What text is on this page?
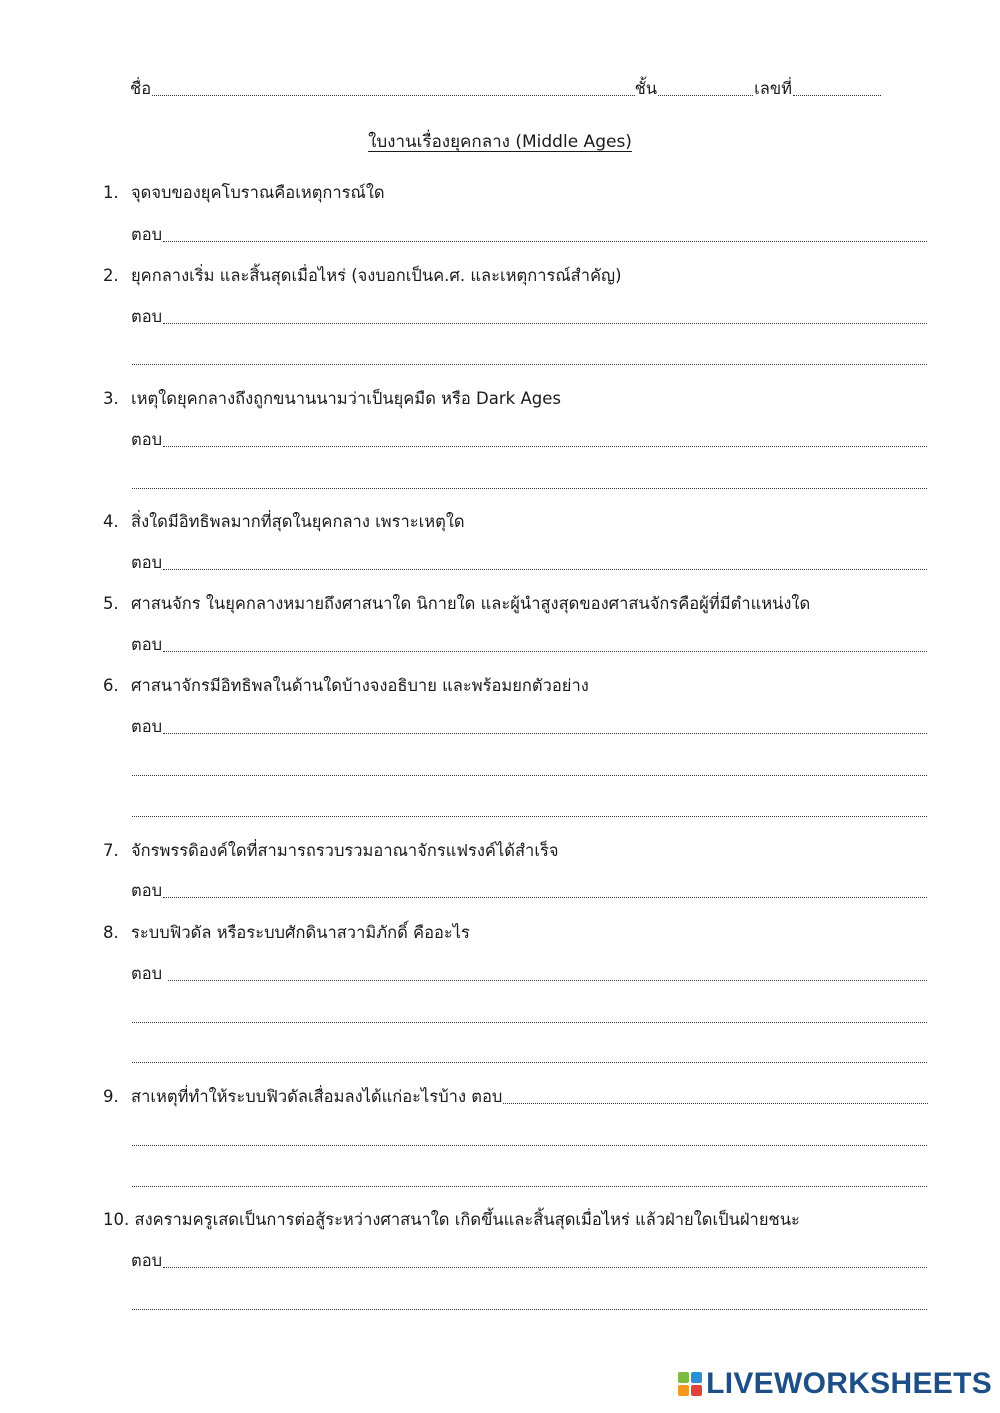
ชื่อ	ชั้น	เลขที่
ใบงานเรื่องยุคกลาง (Middle Ages)
1. จุดจบของยุคโบราณคือเหตุการณ์ใด
ตอบ
2. ยุคกลางเริ่ม และสิ้นสุดเมื่อไหร่ (จงบอกเป็นค.ศ. และเหตุการณ์สำคัญ)
ตอบ
3. เหตุใดยุคกลางถึงถูกขนานนามว่าเป็นยุคมืด หรือ Dark Ages
ตอบ
4. สิ่งใดมีอิทธิพลมากที่สุดในยุคกลาง เพราะเหตุใด
ตอบ
5. ศาสนจักร ในยุคกลางหมายถึงศาสนาใด นิกายใด และผู้นำสูงสุดของศาสนจักรคือผู้ที่มีตำแหน่งใด
ตอบ
6. ศาสนาจักรมีอิทธิพลในด้านใดบ้างจงอธิบาย และพร้อมยกตัวอย่าง
ตอบ
7. จักรพรรดิองค์ใดที่สามารถรวบรวมอาณาจักรแฟรงค์ได้สำเร็จ
ตอบ
8. ระบบฟิวดัล หรือระบบศักดินาสวามิภักดิ์ คืออะไร
ตอบ

9. สาเหตุที่ทำให้ระบบฟิวดัลเสื่อมลงได้แก่อะไรบ้าง
ตอบ
10.
สงครามครูเสดเป็นการต่อสู้ระหว่างศาสนาใด เกิดขึ้นและสิ้นสุดเมื่อไหร่ แล้วฝ่ายใดเป็นฝ่ายชนะ
ตอบ
LIVEWORKSHEETS
